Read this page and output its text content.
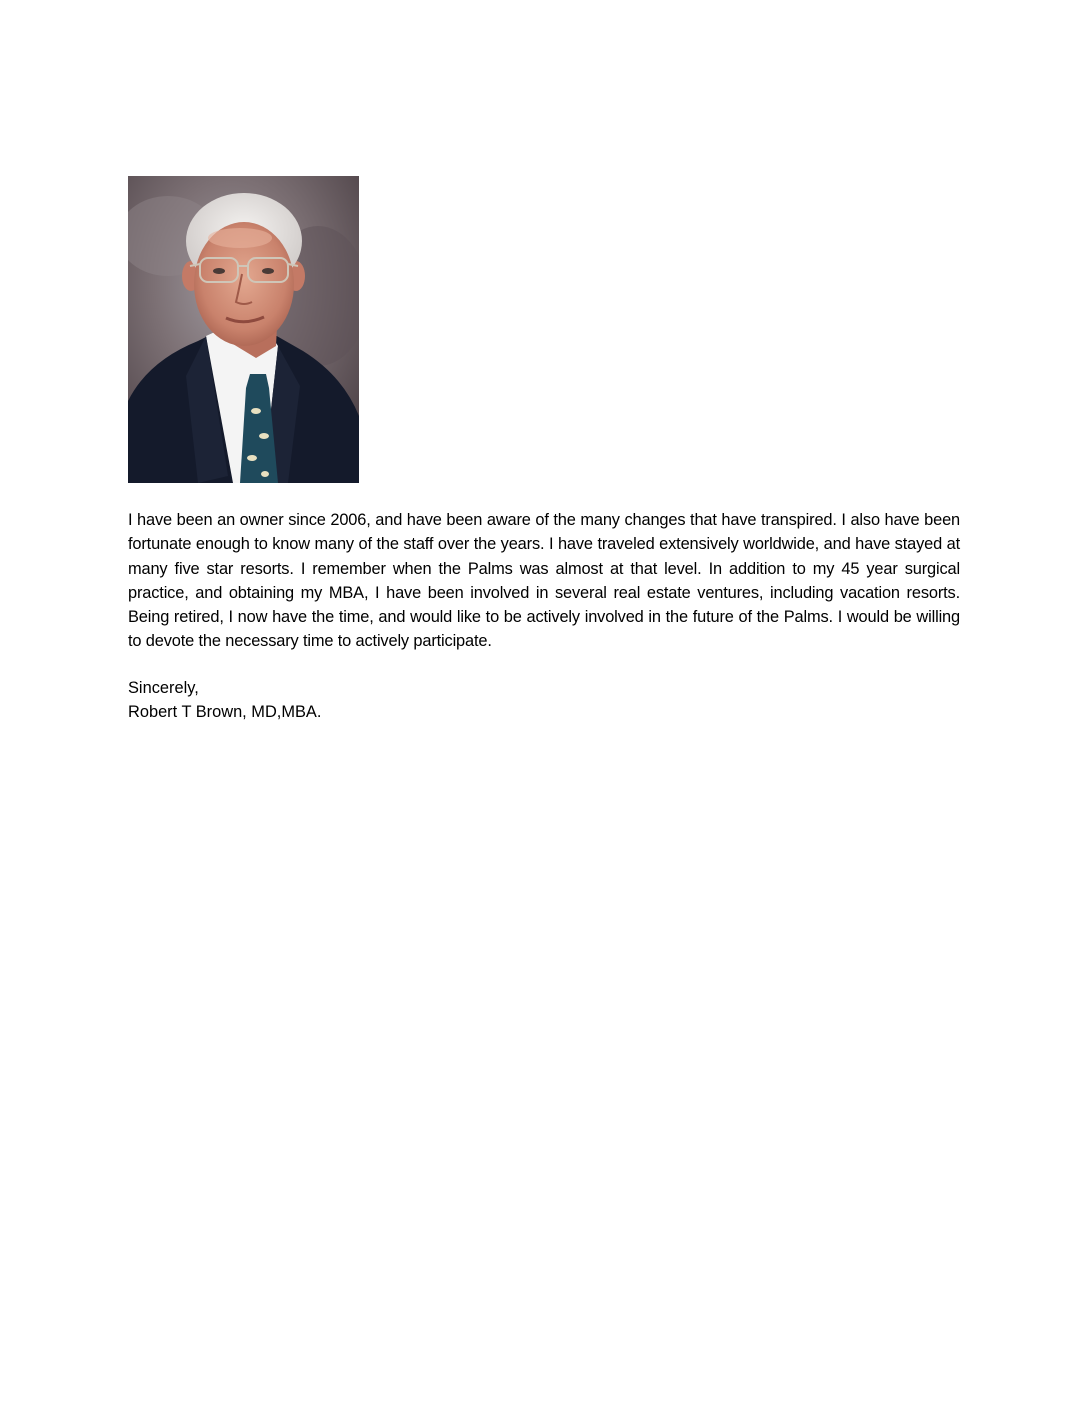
I have been an owner since 2006, and have been aware of the many changes that have transpired. I also have been fortunate enough to know many of the staff over the years. I have traveled extensively worldwide, and have stayed at many five star resorts. I remember when the Palms was almost at that level. In addition to my 45 year surgical practice, and obtaining my MBA, I have been involved in several real estate ventures, including vacation resorts. Being retired, I now have the time, and would like to be actively involved in the future of the Palms. I would be willing to devote the necessary time to actively participate.

Sincerely,
Robert T Brown, MD,MBA.
